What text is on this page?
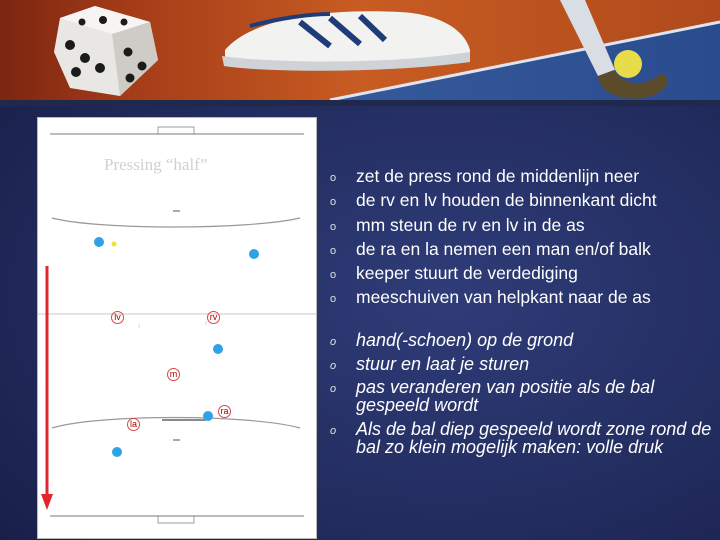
Pressing “half”
lv	rv
m
la
ra
o zet de press rond de middenlijn neer
o de rv en lv houden de binnenkant dicht
o mm steun de rv en lv in de as
o de ra en la nemen een man en/of balk
o keeper stuurt de verdediging
o meeschuiven van helpkant naar de as
o hand(-schoen) op de grond
o stuur en laat je sturen
o pas veranderen van positie als de bal gespeeld wordt
o Als de bal diep gespeeld wordt zone rond de bal zo klein mogelijk maken: volle druk
